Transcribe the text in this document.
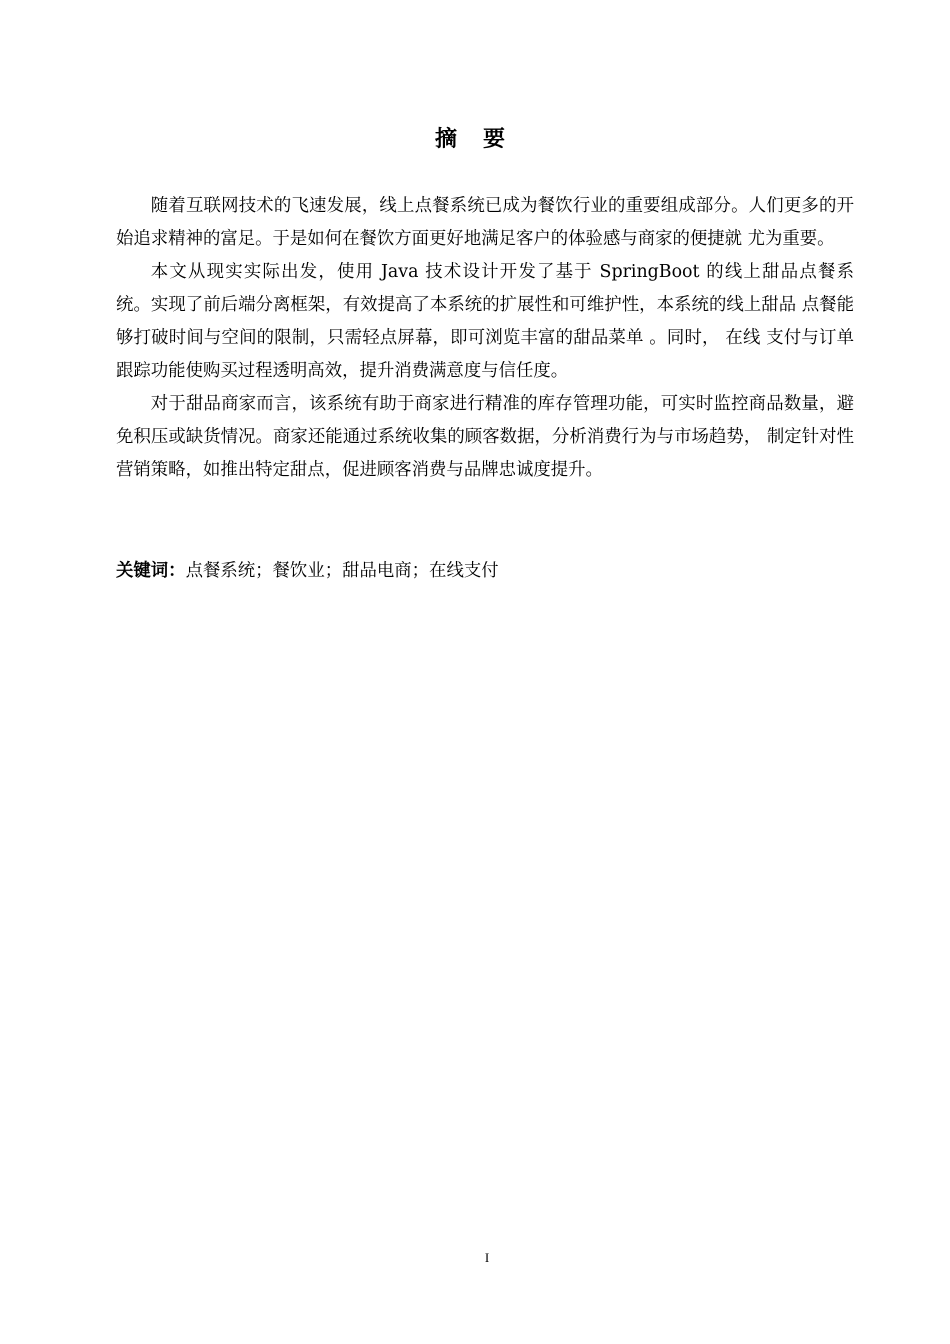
摘要

随着互联网技术的飞速发展，线上点餐系统已成为餐饮行业的重要组成部分。人们更多的开始追求精神的富足。于是如何在餐饮方面更好地满足客户的体验感与商家的便捷就 尤为重要。

本文从现实实际出发，使用 Java 技术设计开发了基于 SpringBoot 的线上甜品点餐系 统。实现了前后端分离框架，有效提高了本系统的扩展性和可维护性，本系统的线上甜品 点餐能够打破时间与空间的限制，只需轻点屏幕，即可浏览丰富的甜品菜单 。同时， 在线 支付与订单跟踪功能使购买过程透明高效，提升消费满意度与信任度。

对于甜品商家而言，该系统有助于商家进行精准的库存管理功能，可实时监控商品数量，避免积压或缺货情况。商家还能通过系统收集的顾客数据，分析消费行为与市场趋势， 制定针对性营销策略，如推出特定甜点，促进顾客消费与品牌忠诚度提升。

关键词：点餐系统；餐饮业；甜品电商；在线支付

I
